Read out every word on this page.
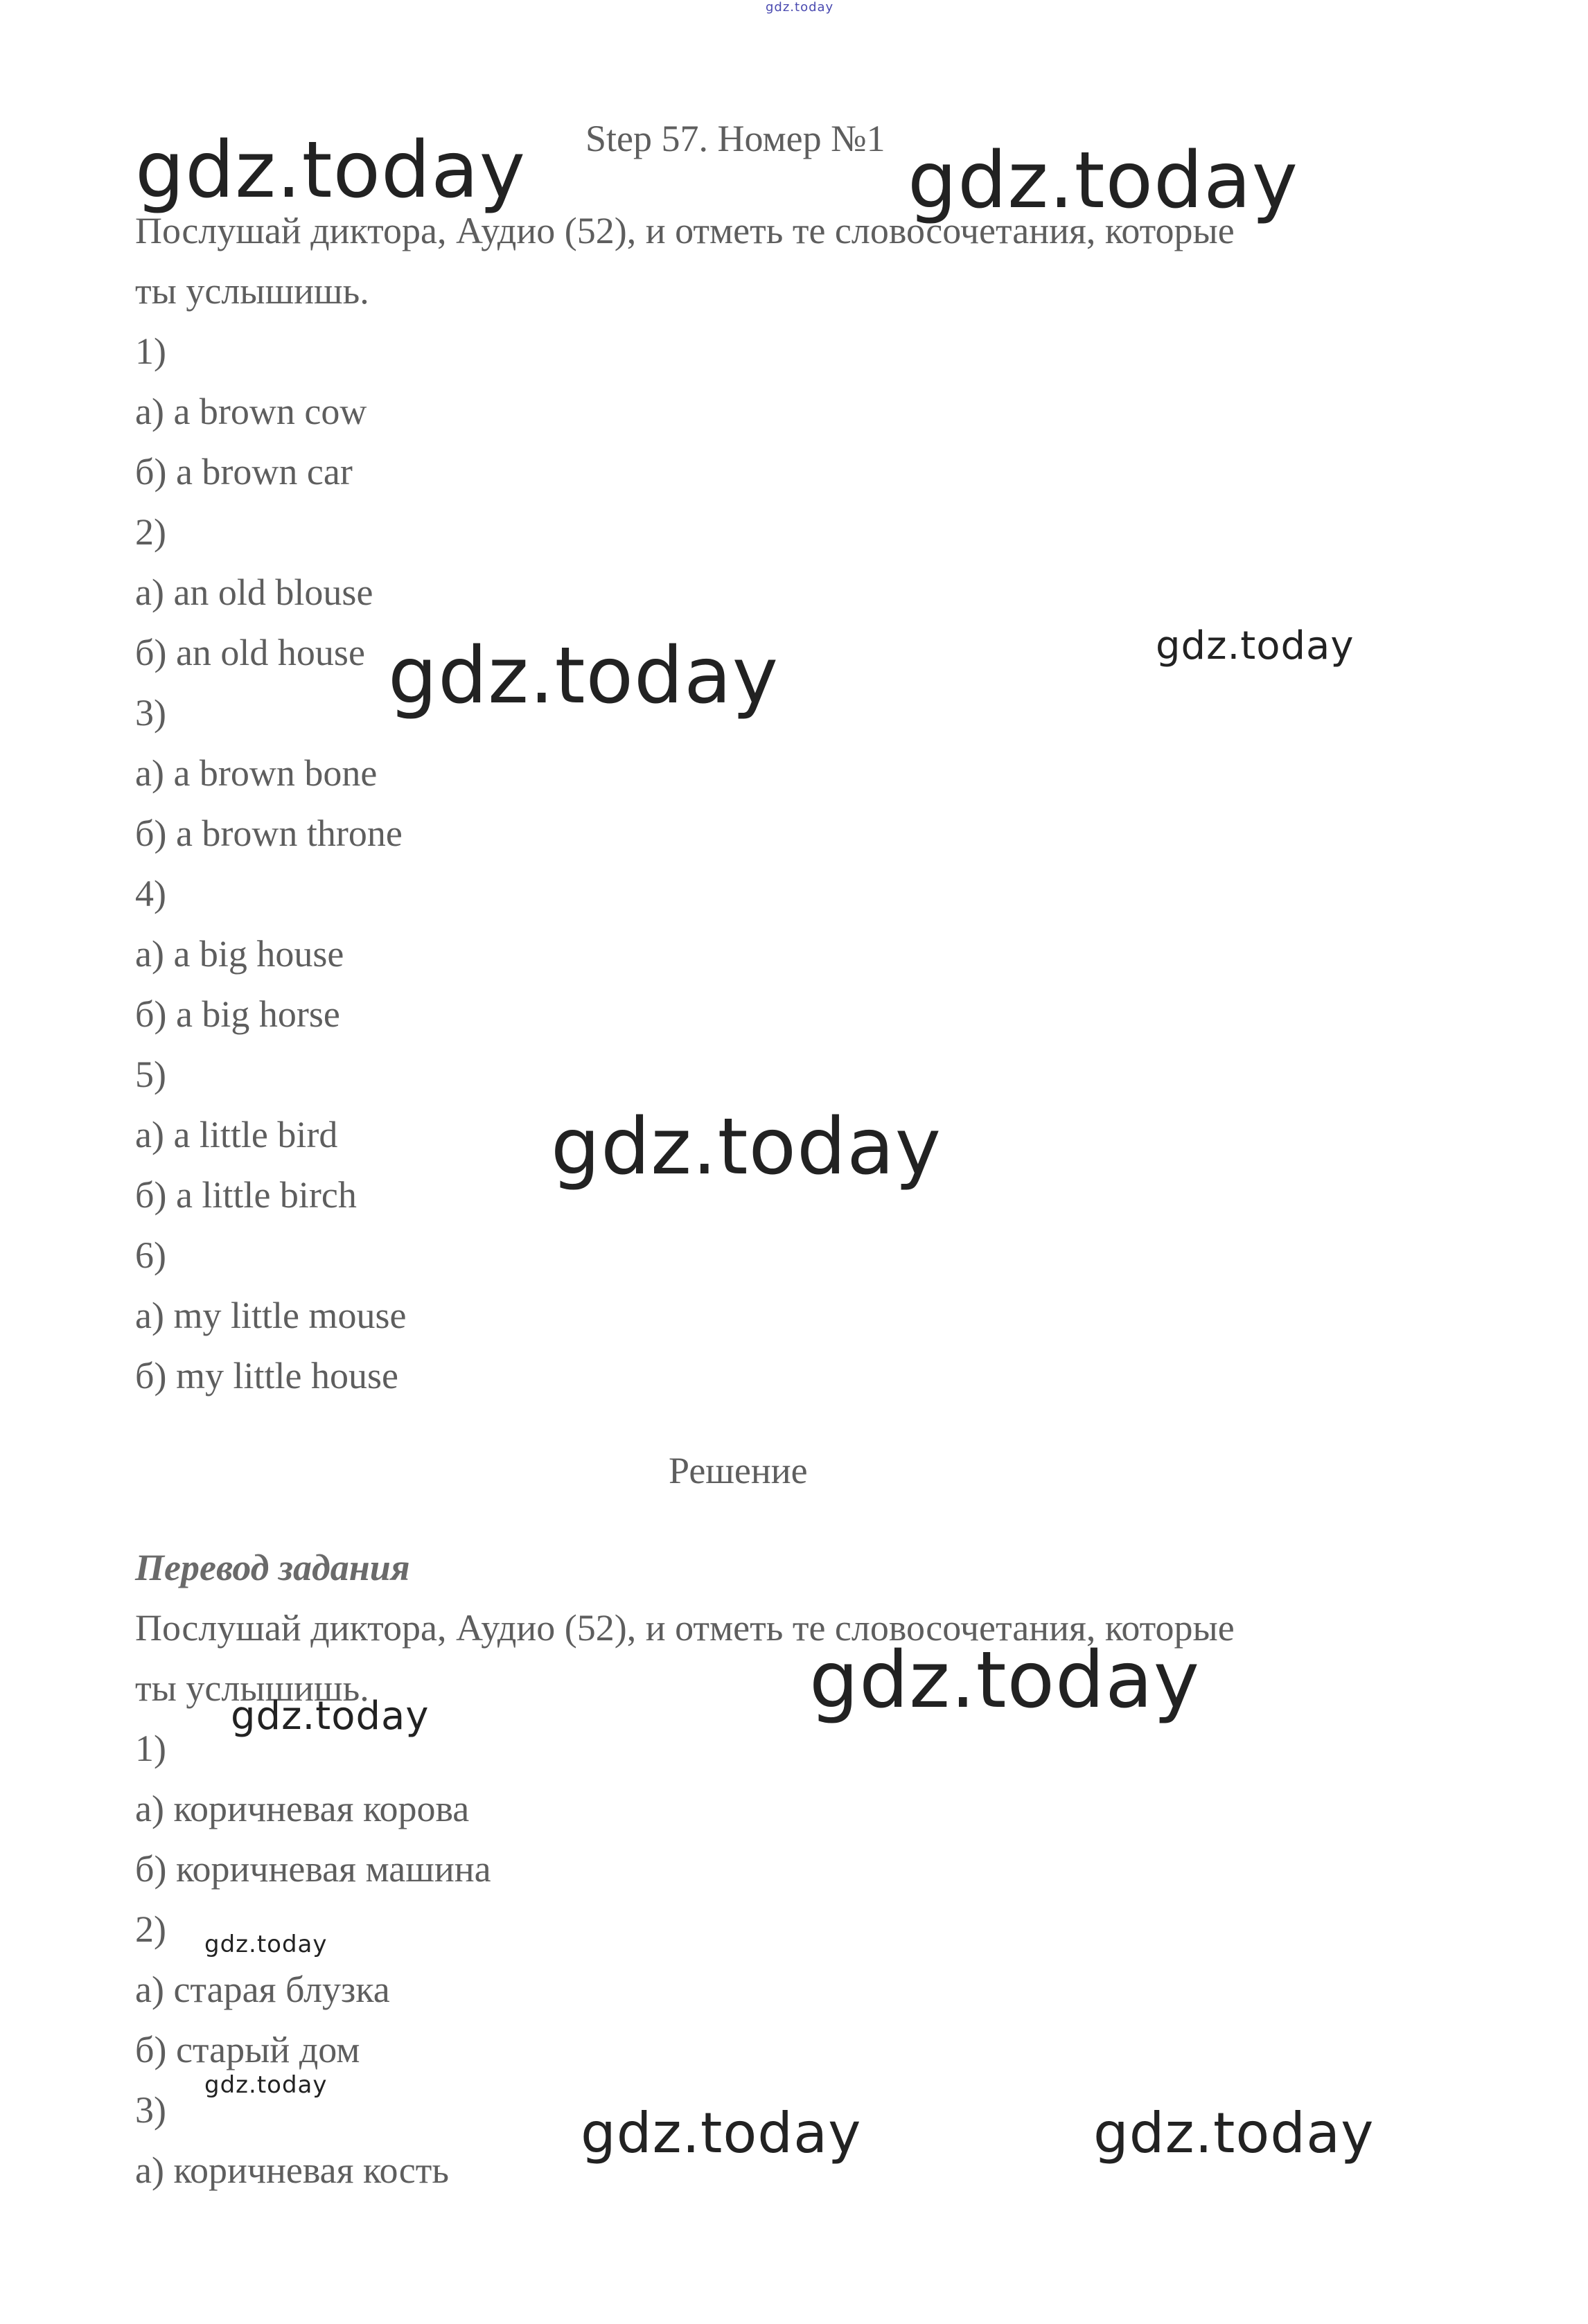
gdz.today
Step 57. Номер №1
Послушай диктора, Аудио (52), и отметь те словосочетания, которые
ты услышишь.
1)
а) a brown cow
б) a brown car
2)
а) an old blouse
б) an old house
3)
а) a brown bone
б) a brown throne
4)
а) a big house
б) a big horse
5)
а) a little bird
б) a little birch
6)
а) my little mouse
б) my little house
Решение
Перевод задания
Послушай диктора, Аудио (52), и отметь те словосочетания, которые
ты услышишь.
1)
а) коричневая корова
б) коричневая машина
2)
а) старая блузка
б) старый дом
3)
а) коричневая кость
gdz.today	gdz.today
gdz.today	gdz.today
gdz.today
gdz.today
gdz.today
gdz.today
gdz.today
gdz.today	gdz.today
